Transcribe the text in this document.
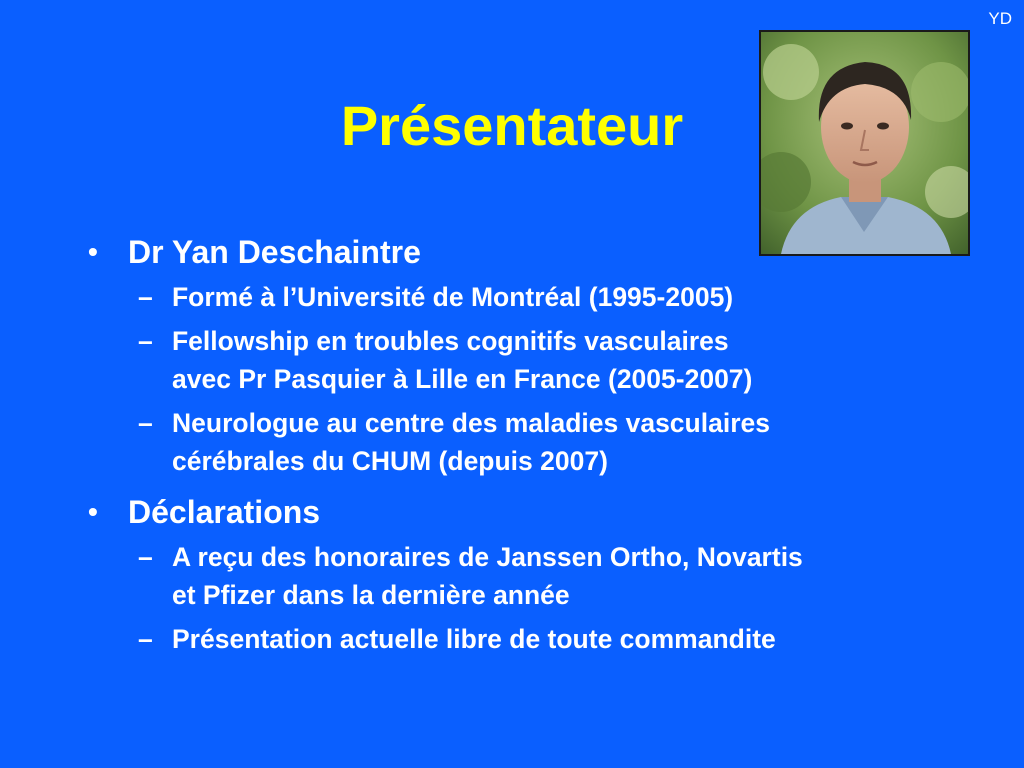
YD
Présentateur
• Dr Yan Deschaintre
– Formé à l’Université de Montréal (1995-2005)
– Fellowship en troubles cognitifs vasculaires
avec Pr Pasquier à Lille en France (2005-2007)
– Neurologue au centre des maladies vasculaires
cérébrales du CHUM (depuis 2007)
• Déclarations
– A reçu des honoraires de Janssen Ortho, Novartis
et Pfizer dans la dernière année
– Présentation actuelle libre de toute commandite
